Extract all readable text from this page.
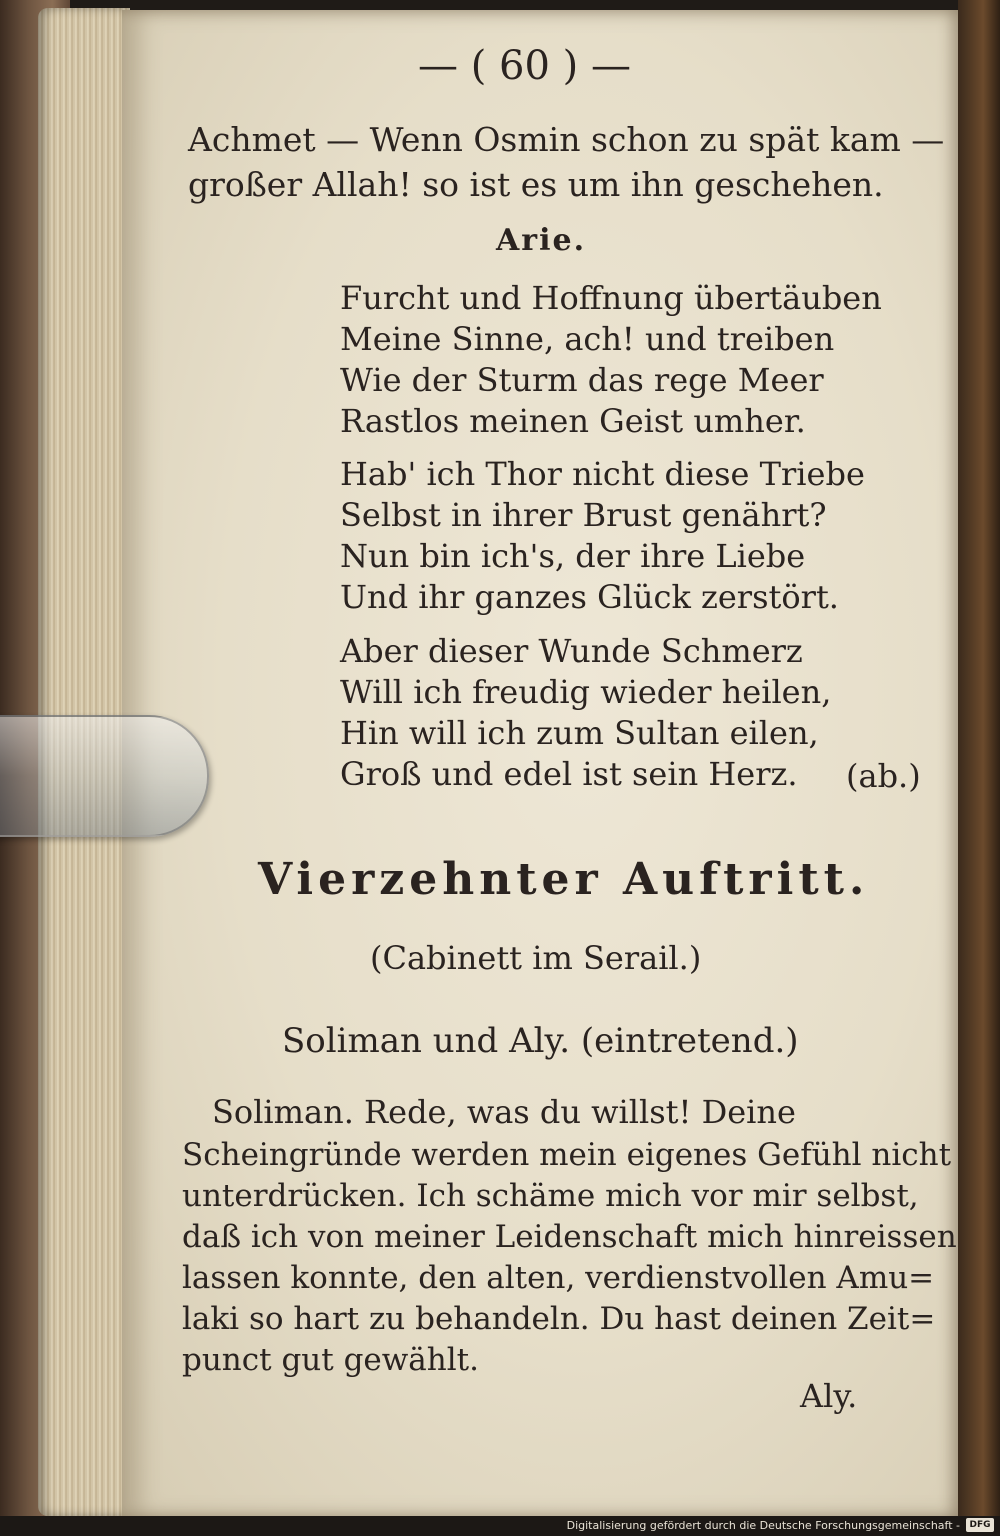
— ( 60 ) —
Achmet — Wenn Osmin schon zu spät kam —
großer Allah! so ist es um ihn geschehen.
Arie.
Furcht und Hoffnung übertäuben
Meine Sinne, ach! und treiben
Wie der Sturm das rege Meer
Rastlos meinen Geist umher.
Hab' ich Thor nicht diese Triebe
Selbst in ihrer Brust genährt?
Nun bin ich's, der ihre Liebe
Und ihr ganzes Glück zerstört.
Aber dieser Wunde Schmerz
Will ich freudig wieder heilen,
Hin will ich zum Sultan eilen,
Groß und edel ist sein Herz. (ab.)
Vierzehnter Auftritt.
(Cabinett im Serail.)
Soliman und Aly. (eintretend.)
Soliman. Rede, was du willst! Deine
Scheingründe werden mein eigenes Gefühl nicht
unterdrücken. Ich schäme mich vor mir selbst,
daß ich von meiner Leidenschaft mich hinreissen
lassen konnte, den alten, verdienstvollen Amu=
laki so hart zu behandeln. Du hast deinen Zeit=
punct gut gewählt.
Aly.
Digitalisierung gefördert durch die Deutsche Forschungsgemeinschaft -	DFG
